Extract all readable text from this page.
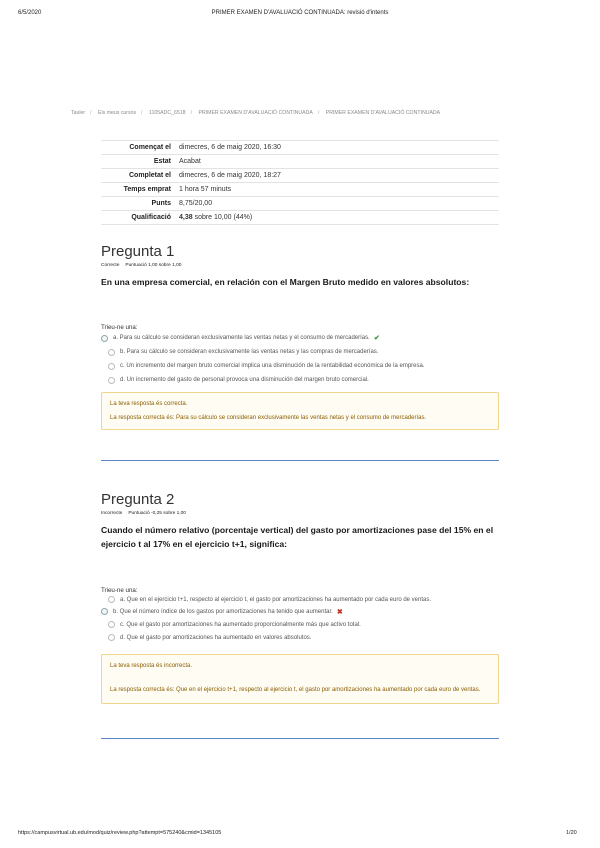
6/5/2020	PRIMER EXAMEN D'AVALUACIÓ CONTINUADA: revisió d'intents
Tauler / Els meus cursos / 1105ADC_6518 / PRIMER EXAMEN D'AVALUACIÓ CONTINUADA / PRIMER EXAMEN D'AVALUACIÓ CONTINUADA
Començat el	dimecres, 6 de maig 2020, 16:30
Estat	Acabat
Completat el	dimecres, 6 de maig 2020, 18:27
Temps emprat	1 hora 57 minuts
Punts	8,75/20,00
Qualificació	4,38 sobre 10,00 (44%)
Pregunta 1
Correcte Puntuació 1,00 sobre 1,00
En una empresa comercial, en relación con el Margen Bruto medido en valores absolutos:
Trieu-ne una:
a. Para su cálculo se consideran exclusivamente las ventas netas y el consumo de mercaderías. ✔
b. Para su cálculo se consideran exclusivamente las ventas netas y las compras de mercaderías.
c. Un incremento del margen bruto comercial implica una disminución de la rentabilidad económica de la empresa.
d. Un incremento del gasto de personal provoca una disminución del margen bruto comercial.
La teva resposta és correcta.
La resposta correcta és: Para su cálculo se consideran exclusivamente las ventas netas y el consumo de mercaderías.
Pregunta 2
Incorrecte Puntuació -0,25 sobre 1,00
Cuando el número relativo (porcentaje vertical) del gasto por amortizaciones pase del 15% en el ejercicio t al 17% en el ejercicio t+1, significa:
Trieu-ne una:
a. Que en el ejercicio t+1, respecto al ejercicio t, el gasto por amortizaciones ha aumentado por cada euro de ventas.
b. Que el número índice de los gastos por amortizaciones ha tenido que aumentar. ✖
c. Que el gasto por amortizaciones ha aumentado proporcionalmente más que activo total.
d. Que el gasto por amortizaciones ha aumentado en valores absolutos.
La teva resposta és incorrecta.
La resposta correcta és: Que en el ejercicio t+1, respecto al ejercicio t, el gasto por amortizaciones ha aumentado por cada euro de ventas.
https://campusvirtual.ub.edu/mod/quiz/review.php?attempt=575240&cmid=1345105	1/20
